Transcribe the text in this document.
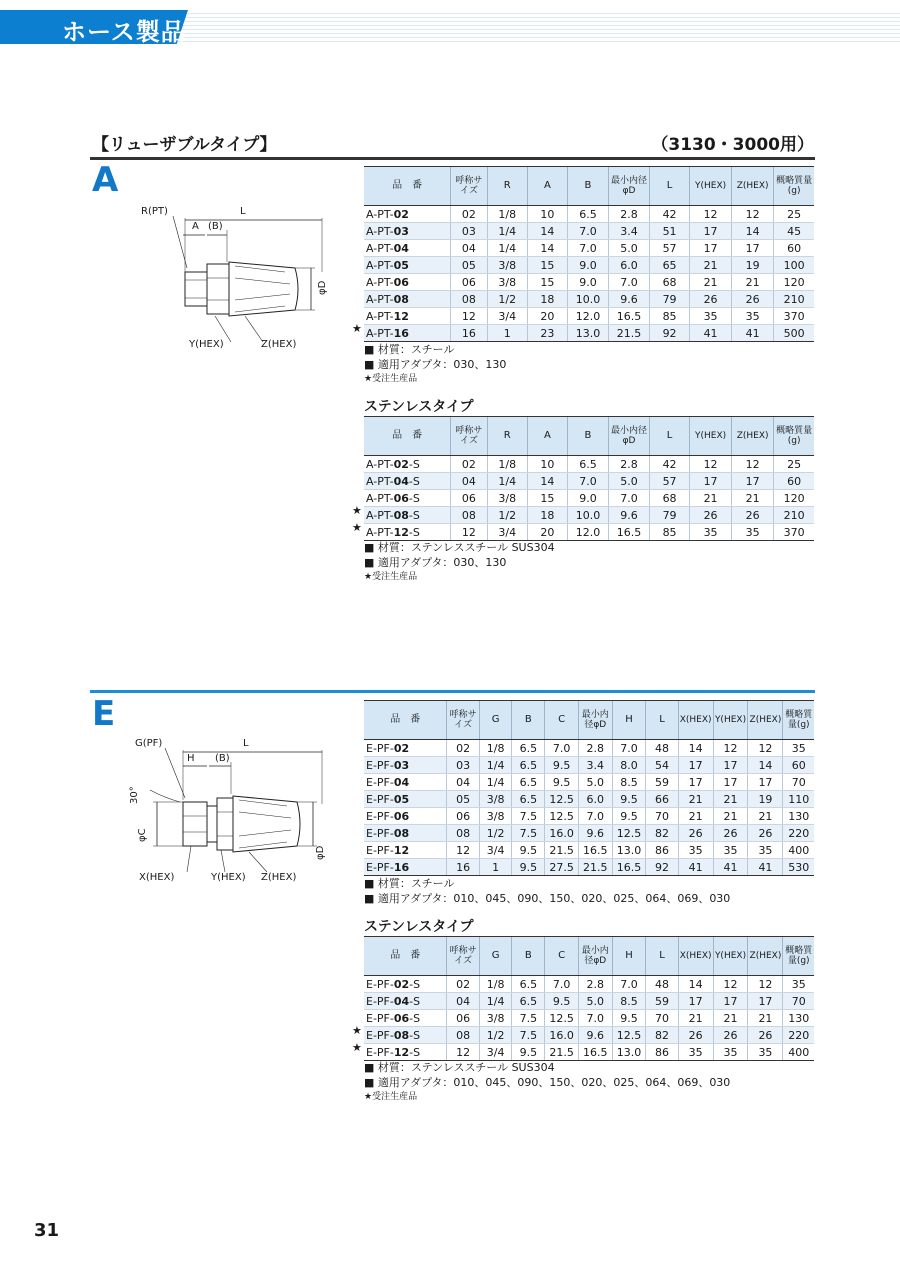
ホース製品
【リューザブルタイプ】	（3130・3000用）
A
R(PT)
A (B)
L
φD
Y(HEX)	Z(HEX)
品　番	呼称サイズ	R	A	B	最小内径φD	L	Y(HEX)	Z(HEX)	概略質量(g)
A-PT-02	02	1/8	10	6.5	2.8	42	12	12	25
A-PT-03	03	1/4	14	7.0	3.4	51	17	14	45
A-PT-04	04	1/4	14	7.0	5.0	57	17	17	60
A-PT-05	05	3/8	15	9.0	6.0	65	21	19	100
A-PT-06	06	3/8	15	9.0	7.0	68	21	21	120
A-PT-08	08	1/2	18	10.0	9.6	79	26	26	210
A-PT-12	12	3/4	20	12.0	16.5	85	35	35	370
A-PT-16	16	1	23	13.0	21.5	92	41	41	500
★
■ 材質：スチール
■ 適用アダプタ：030、130
★受注生産品
ステンレスタイプ
品　番	呼称サイズ	R	A	B	最小内径φD	L	Y(HEX)	Z(HEX)	概略質量(g)
A-PT-02-S	02	1/8	10	6.5	2.8	42	12	12	25
A-PT-04-S	04	1/4	14	7.0	5.0	57	17	17	60
A-PT-06-S	06	3/8	15	9.0	7.0	68	21	21	120
A-PT-08-S	08	1/2	18	10.0	9.6	79	26	26	210
A-PT-12-S	12	3/4	20	12.0	16.5	85	35	35	370
★
★
■ 材質：ステンレススチール SUS304
■ 適用アダプタ：030、130
★受注生産品
E
G(PF)
H (B)
L
30°
φC
φD
X(HEX)	Y(HEX) Z(HEX)
品　番	呼称サイズ	G	B	C	最小内径φD	H	L	X(HEX)	Y(HEX)	Z(HEX)	概略質量(g)
E-PF-02	02	1/8	6.5	7.0	2.8	7.0	48	14	12	12	35
E-PF-03	03	1/4	6.5	9.5	3.4	8.0	54	17	17	14	60
E-PF-04	04	1/4	6.5	9.5	5.0	8.5	59	17	17	17	70
E-PF-05	05	3/8	6.5	12.5	6.0	9.5	66	21	21	19	110
E-PF-06	06	3/8	7.5	12.5	7.0	9.5	70	21	21	21	130
E-PF-08	08	1/2	7.5	16.0	9.6	12.5	82	26	26	26	220
E-PF-12	12	3/4	9.5	21.5	16.5	13.0	86	35	35	35	400
E-PF-16	16	1	9.5	27.5	21.5	16.5	92	41	41	41	530
■ 材質：スチール
■ 適用アダプタ：010、045、090、150、020、025、064、069、030
ステンレスタイプ
品　番	呼称サイズ	G	B	C	最小内径φD	H	L	X(HEX)	Y(HEX)	Z(HEX)	概略質量(g)
E-PF-02-S	02	1/8	6.5	7.0	2.8	7.0	48	14	12	12	35
E-PF-04-S	04	1/4	6.5	9.5	5.0	8.5	59	17	17	17	70
E-PF-06-S	06	3/8	7.5	12.5	7.0	9.5	70	21	21	21	130
E-PF-08-S	08	1/2	7.5	16.0	9.6	12.5	82	26	26	26	220
E-PF-12-S	12	3/4	9.5	21.5	16.5	13.0	86	35	35	35	400
★
★
■ 材質：ステンレススチール SUS304
■ 適用アダプタ：010、045、090、150、020、025、064、069、030
★受注生産品
31
